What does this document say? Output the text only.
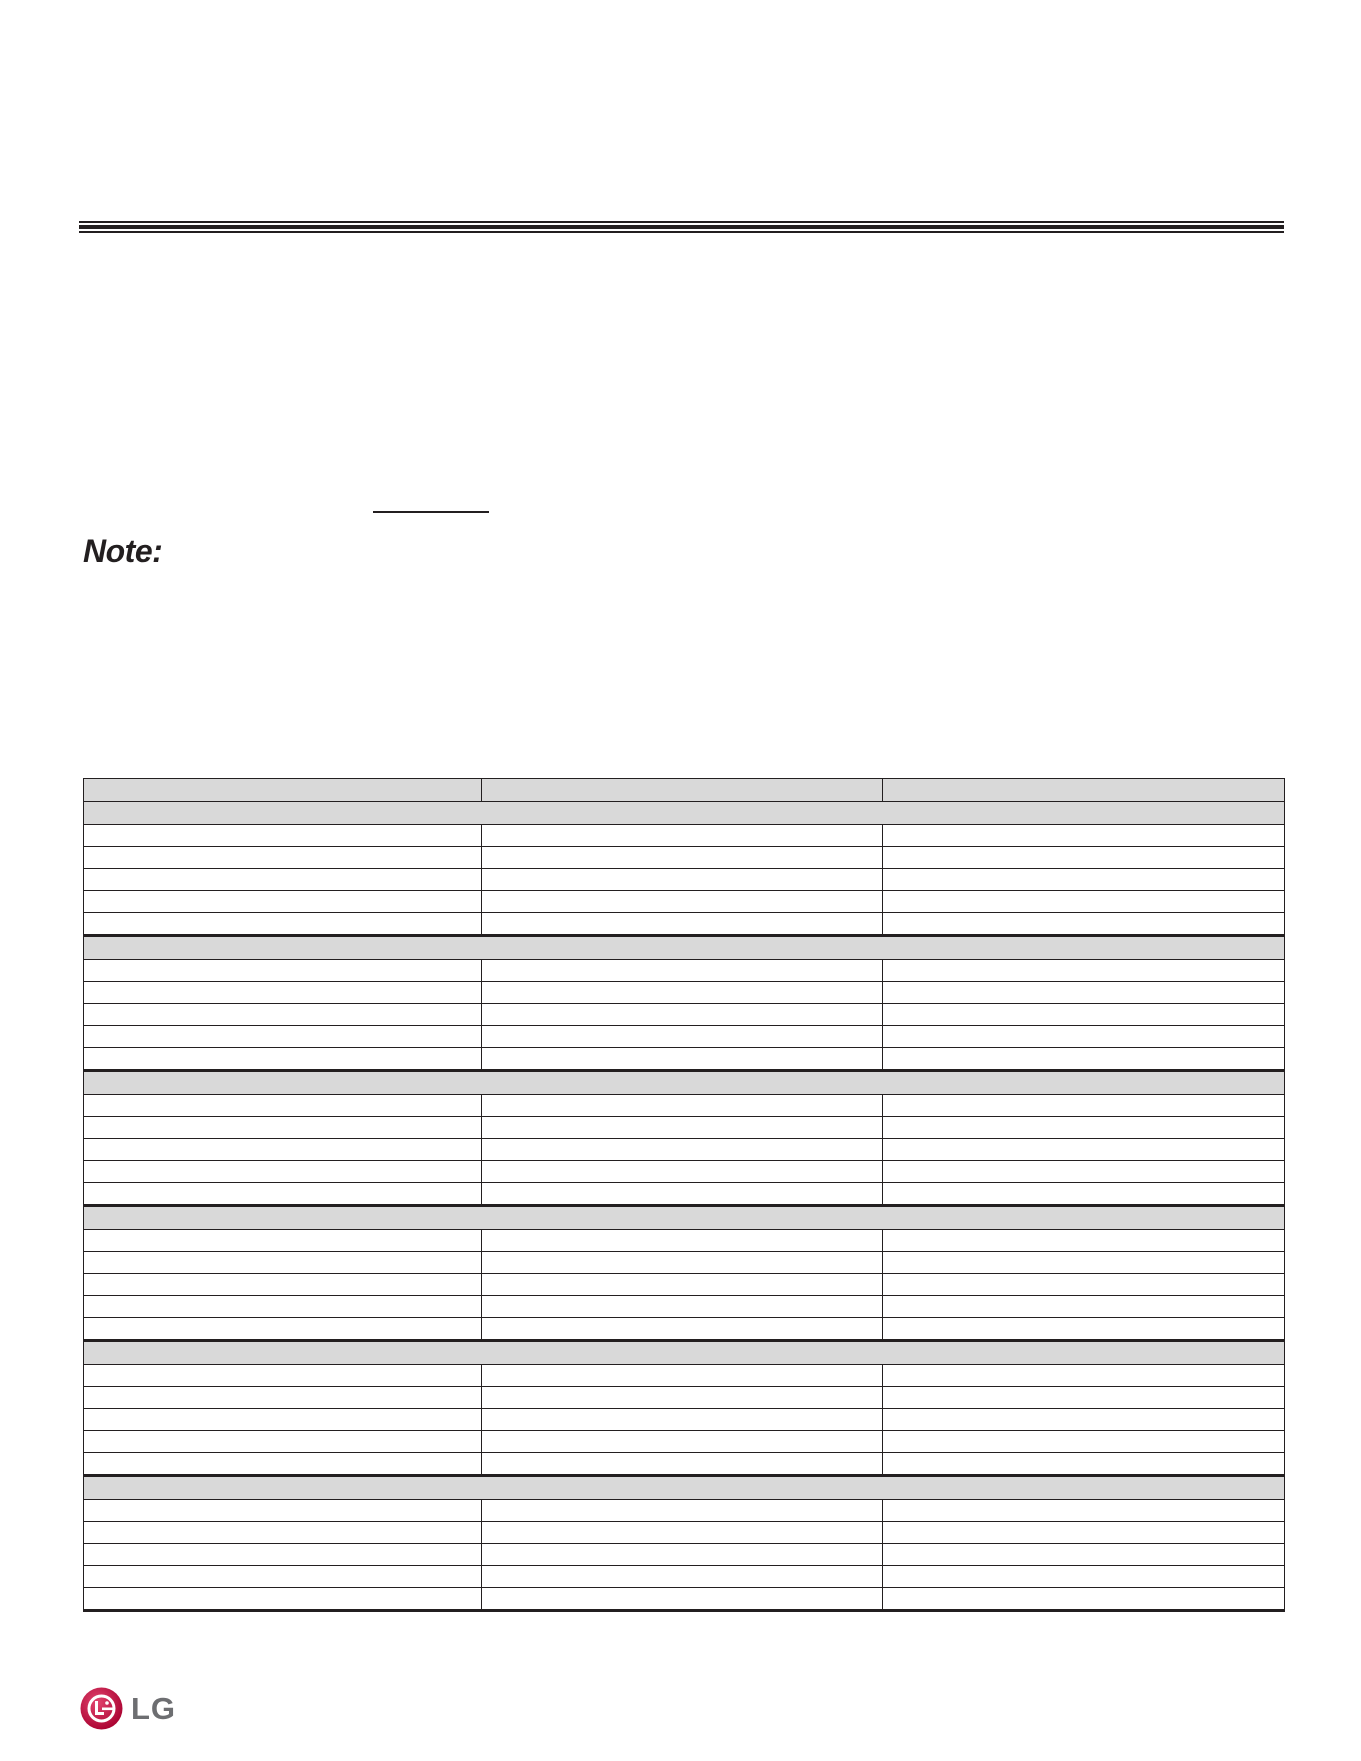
Note:

LG
